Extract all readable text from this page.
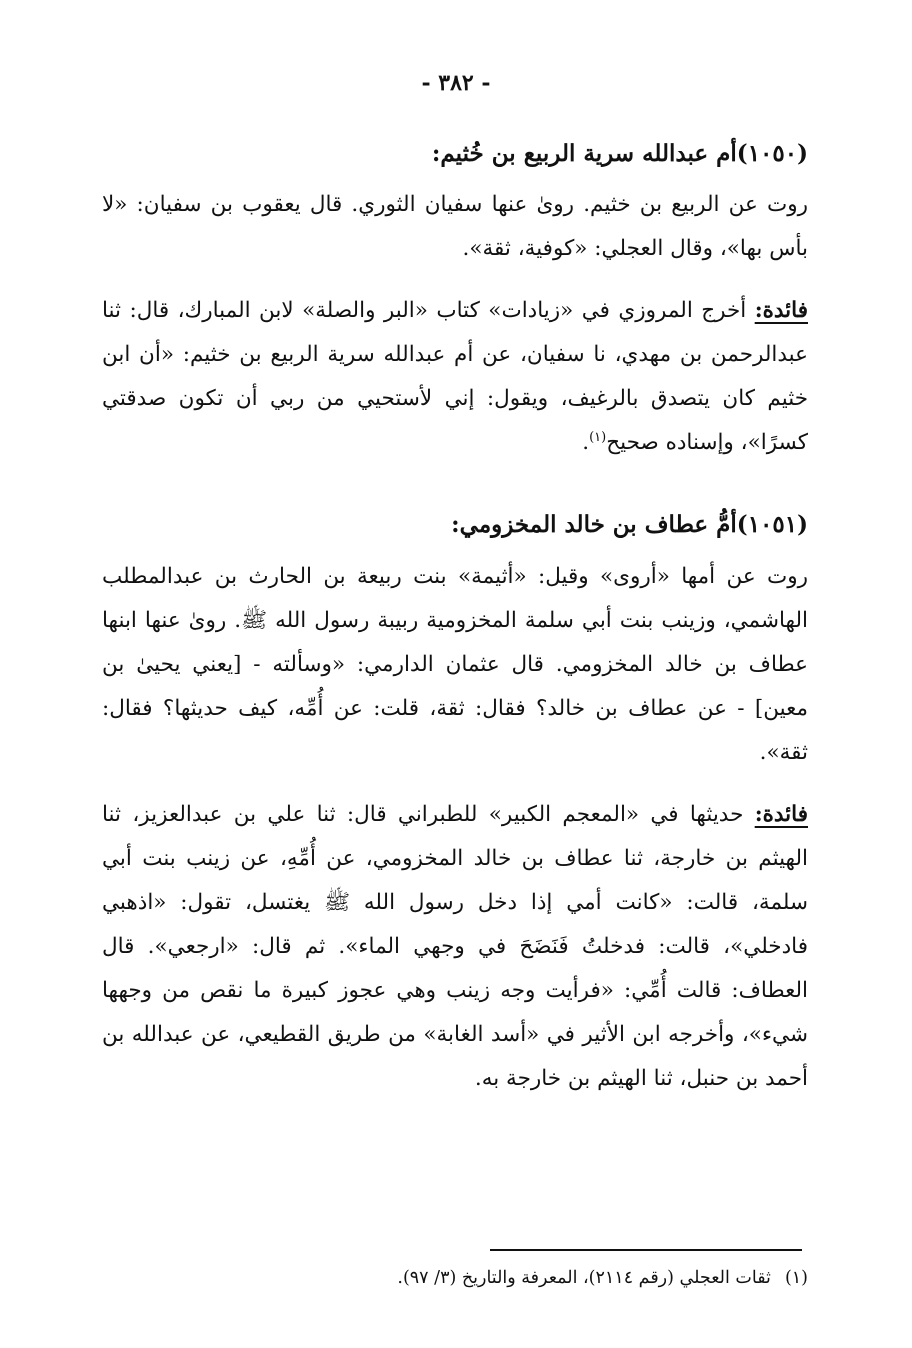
- ٣٨٢ -
(١٠٥٠)أم عبدالله سرية الربيع بن خُثيم:
روت عن الربيع بن خثيم. روىٰ عنها سفيان الثوري. قال يعقوب بن سفيان: «لا بأس بها»، وقال العجلي: «كوفية، ثقة».
فائدة: أخرج المروزي في «زيادات» كتاب «البر والصلة» لابن المبارك، قال: ثنا عبدالرحمن بن مهدي، نا سفيان، عن أم عبدالله سرية الربيع بن خثيم: «أن ابن خثيم كان يتصدق بالرغيف، ويقول: إني لأستحيي من ربي أن تكون صدقتي كسرًا»، وإسناده صحيح$^{(١)}$.
(١٠٥١)أمُّ عطاف بن خالد المخزومي:
روت عن أمها «أروى» وقيل: «أثيمة» بنت ربيعة بن الحارث بن عبدالمطلب الهاشمي، وزينب بنت أبي سلمة المخزومية ربيبة رسول الله ﷺ. روىٰ عنها ابنها عطاف بن خالد المخزومي. قال عثمان الدارمي: «وسألته - [يعني يحيىٰ بن معين] - عن عطاف بن خالد؟ فقال: ثقة، قلت: عن أُمِّه، كيف حديثها؟ فقال: ثقة».
فائدة: حديثها في «المعجم الكبير» للطبراني قال: ثنا علي بن عبدالعزيز، ثنا الهيثم بن خارجة، ثنا عطاف بن خالد المخزومي، عن أُمِّهِ، عن زينب بنت أبي سلمة، قالت: «كانت أمي إذا دخل رسول الله ﷺ يغتسل، تقول: «اذهبي فادخلي»، قالت: فدخلتُ فَنَضَحَ في وجهي الماء». ثم قال: «ارجعي». قال العطاف: قالت أُمِّي: «فرأيت وجه زينب وهي عجوز كبيرة ما نقص من وجهها شيء»، وأخرجه ابن الأثير في «أسد الغابة» من طريق القطيعي، عن عبدالله بن أحمد بن حنبل، ثنا الهيثم بن خارجة به.
(١)ثقات العجلي (رقم ٢١١٤)، المعرفة والتاريخ (٣/ ٩٧).
